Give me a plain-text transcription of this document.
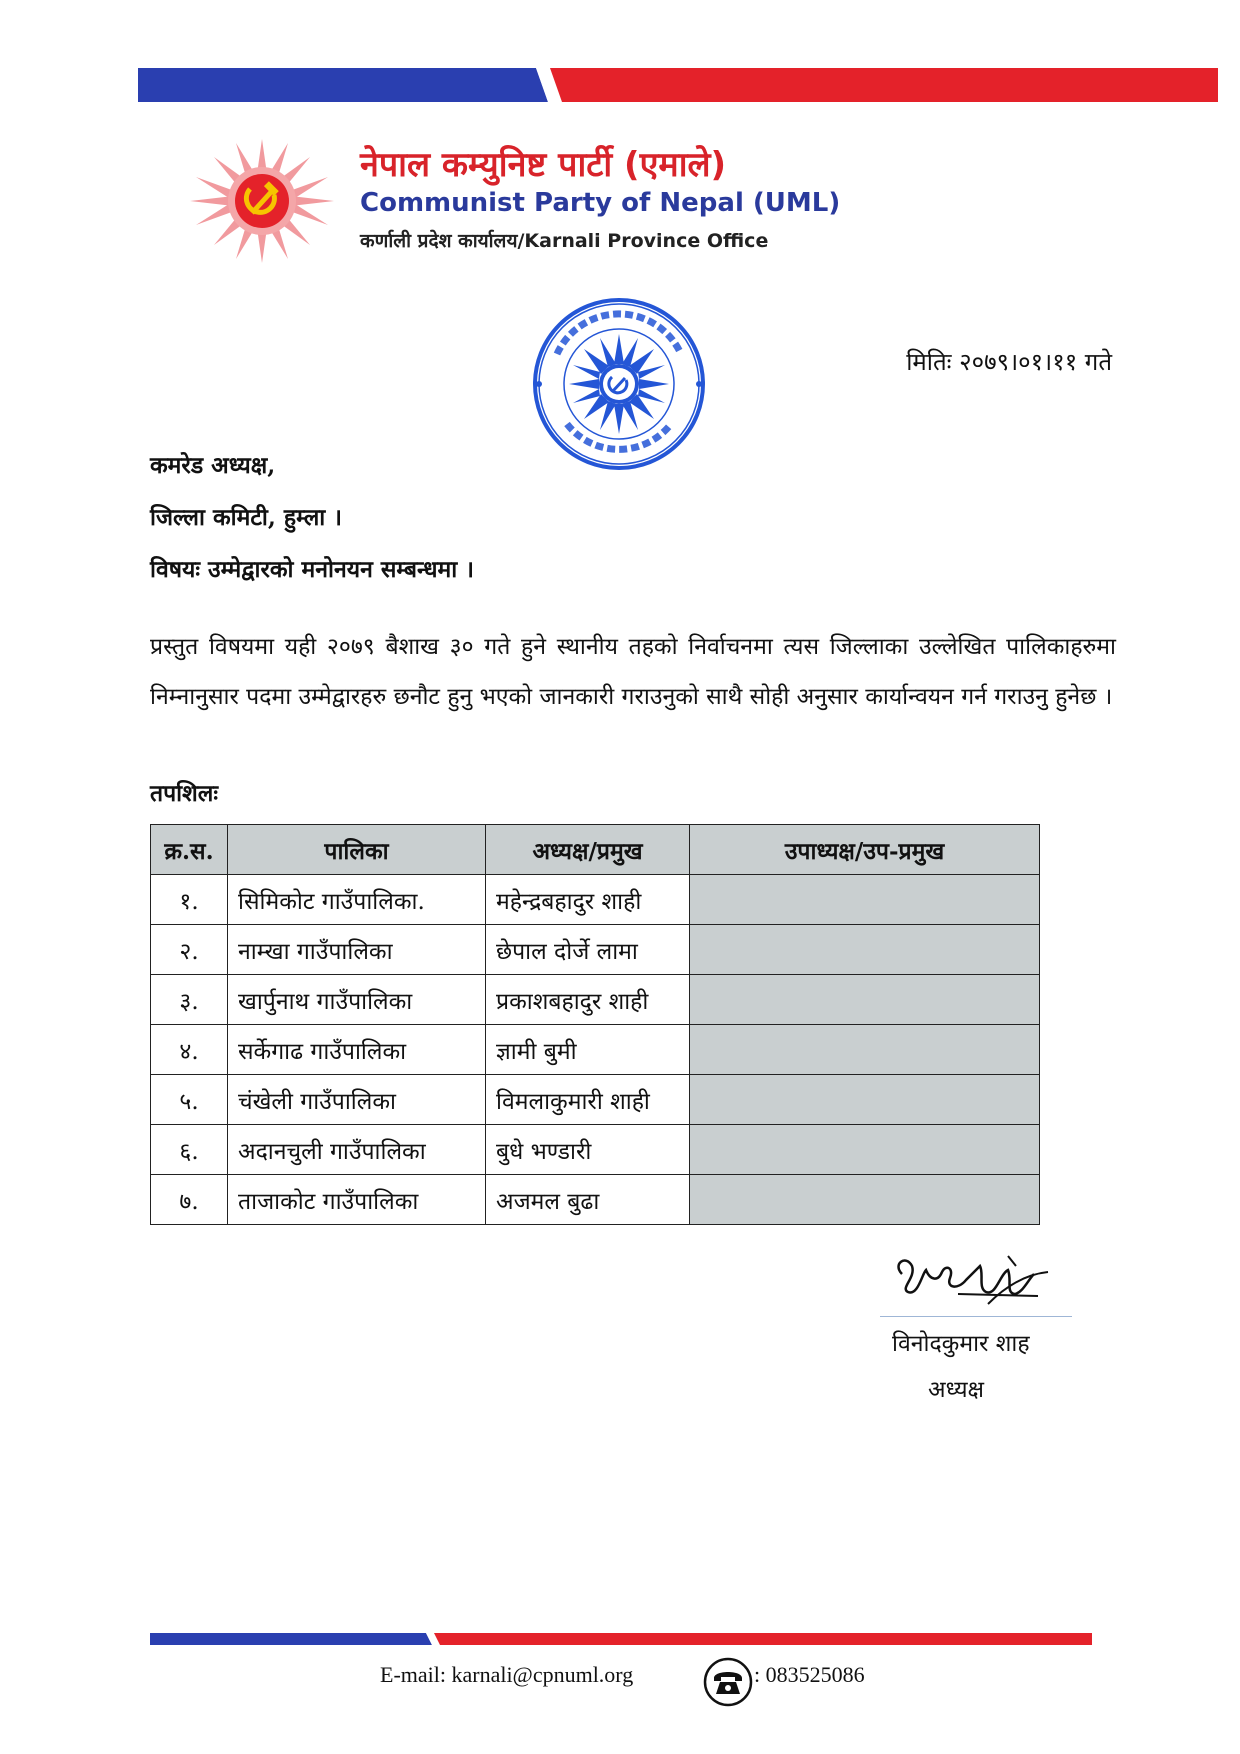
नेपाल कम्युनिष्ट पार्टी (एमाले)
Communist Party of Nepal (UML)
कर्णाली प्रदेश कार्यालय/Karnali Province Office
मितिः २०७९।०१।११ गते
कमरेड अध्यक्ष,
जिल्ला कमिटी, हुम्ला ।
विषयः उम्मेद्वारको मनोनयन सम्बन्धमा ।
प्रस्तुत विषयमा यही २०७९ बैशाख ३० गते हुने स्थानीय तहको निर्वाचनमा त्यस जिल्लाका उल्लेखित पालिकाहरुमा निम्नानुसार पदमा उम्मेद्वारहरु छनौट हुनु भएको जानकारी गराउनुको साथै सोही अनुसार कार्यान्वयन गर्न गराउनु हुनेछ ।
तपशिलः
क्र.स.	पालिका	अध्यक्ष/प्रमुख	उपाध्यक्ष/उप-प्रमुख
१.	सिमिकोट गाउँपालिका.	महेन्द्रबहादुर शाही	
२.	नाम्खा गाउँपालिका	छेपाल दोर्जे लामा	
३.	खार्पुनाथ गाउँपालिका	प्रकाशबहादुर शाही	
४.	सर्केगाढ गाउँपालिका	ज्ञामी बुमी	
५.	चंखेली गाउँपालिका	विमलाकुमारी शाही	
६.	अदानचुली गाउँपालिका	बुधे भण्डारी	
७.	ताजाकोट गाउँपालिका	अजमल बुढा	
विनोदकुमार शाह
अध्यक्ष
E-mail: karnali@cpnuml.org	: 083525086
